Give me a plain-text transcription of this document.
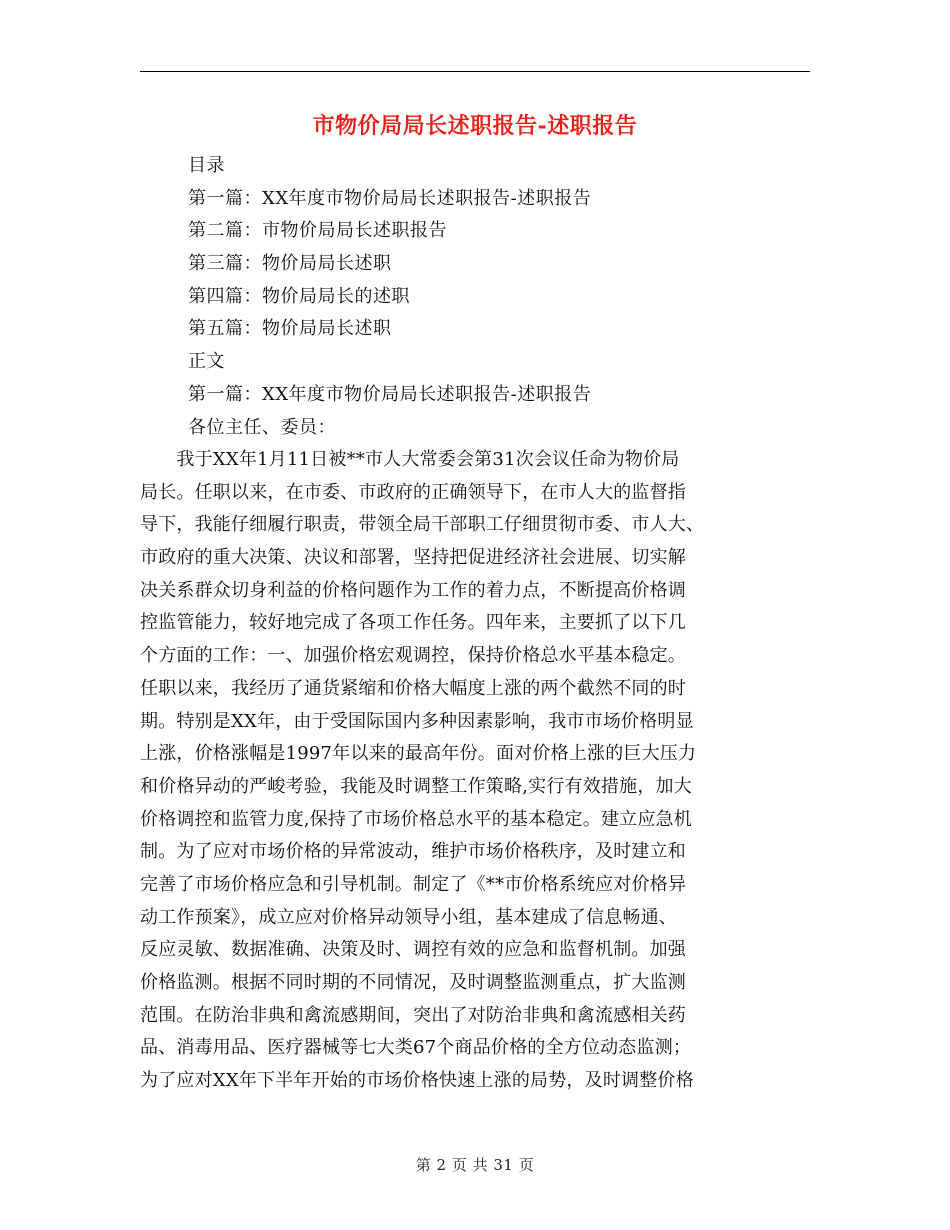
市物价局局长述职报告-述职报告
目录
第一篇：XX年度市物价局局长述职报告-述职报告
第二篇：市物价局局长述职报告
第三篇：物价局局长述职
第四篇：物价局局长的述职
第五篇：物价局局长述职
正文
第一篇：XX年度市物价局局长述职报告-述职报告
各位主任、委员：
　　我于XX年1月11日被**市人大常委会第31次会议任命为物价局
局长。任职以来，在市委、市政府的正确领导下，在市人大的监督指
导下，我能仔细履行职责，带领全局干部职工仔细贯彻市委、市人大、
市政府的重大决策、决议和部署，坚持把促进经济社会进展、切实解
决关系群众切身利益的价格问题作为工作的着力点，不断提高价格调
控监管能力，较好地完成了各项工作任务。四年来，主要抓了以下几
个方面的工作：一、加强价格宏观调控，保持价格总水平基本稳定。
任职以来，我经历了通货紧缩和价格大幅度上涨的两个截然不同的时
期。特别是XX年，由于受国际国内多种因素影响，我市市场价格明显
上涨，价格涨幅是1997年以来的最高年份。面对价格上涨的巨大压力
和价格异动的严峻考验，我能及时调整工作策略,实行有效措施，加大
价格调控和监管力度,保持了市场价格总水平的基本稳定。建立应急机
制。为了应对市场价格的异常波动，维护市场价格秩序，及时建立和
完善了市场价格应急和引导机制。制定了《**市价格系统应对价格异
动工作预案》，成立应对价格异动领导小组，基本建成了信息畅通、
反应灵敏、数据准确、决策及时、调控有效的应急和监督机制。加强
价格监测。根据不同时期的不同情况，及时调整监测重点，扩大监测
范围。在防治非典和禽流感期间，突出了对防治非典和禽流感相关药
品、消毒用品、医疗器械等七大类67个商品价格的全方位动态监测；
为了应对XX年下半年开始的市场价格快速上涨的局势，及时调整价格
第 2 页 共 31 页
